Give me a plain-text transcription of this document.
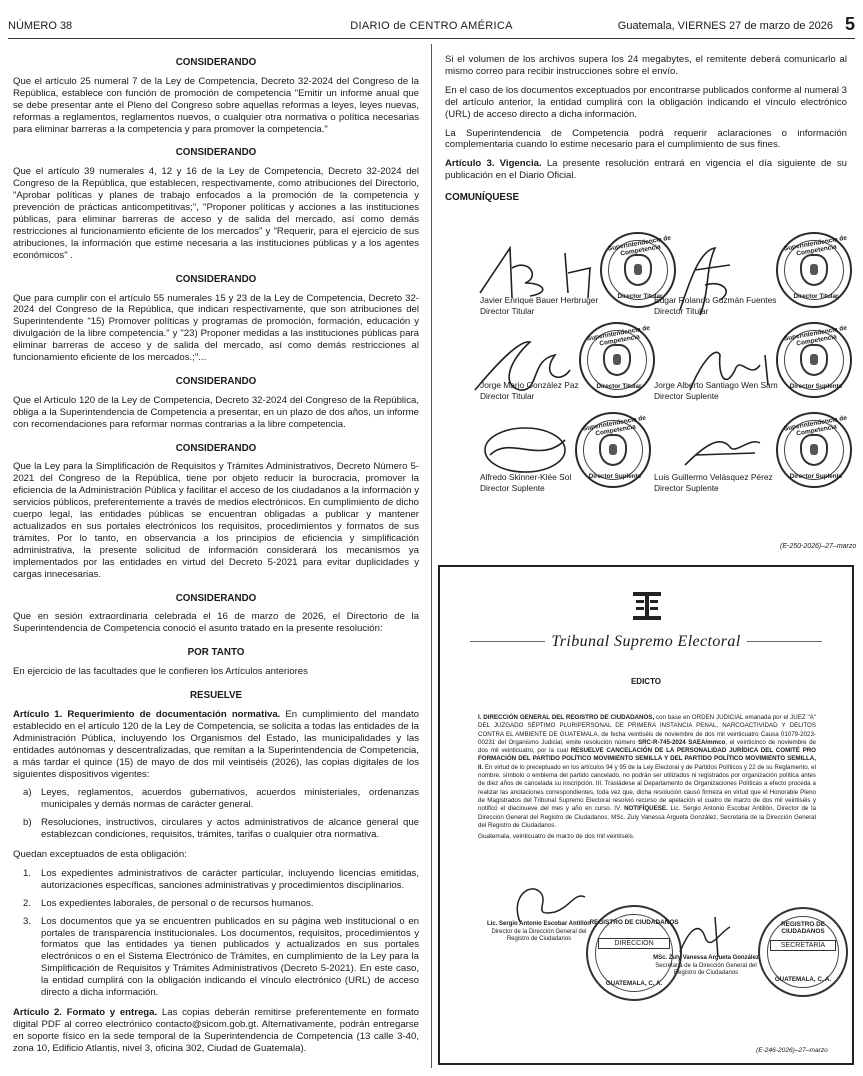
NÚMERO 38	DIARIO de CENTRO AMÉRICA	Guatemala, VIERNES 27 de marzo de 2026 5
CONSIDERANDO

Que el artículo 25 numeral 7 de la Ley de Competencia, Decreto 32-2024 del Congreso de la República, establece con función de promoción de competencia "Emitir un informe anual que se debe presentar ante el Pleno del Congreso sobre aquellas reformas a leyes, leyes nuevas, reformas a reglamentos, reglamentos nuevos, o cualquier otra normativa o política necesarias para eliminar barreras a la competencia y para promover la competencia."

CONSIDERANDO

Que el artículo 39 numerales 4, 12 y 16 de la Ley de Competencia, Decreto 32-2024 del Congreso de la República, que establecen, respectivamente, como atribuciones del Directorio, "Aprobar políticas y planes de trabajo enfocados a la promoción de la competencia y prevención de prácticas anticompetitivas;", "Proponer políticas y acciones a las instituciones públicas, para eliminar barreras de acceso y de salida del mercado, así como demás restricciones al funcionamiento eficiente de los mercados" y "Requerir, para el ejercicio de sus atribuciones, la información que estime necesaria a las instituciones públicas y a los agentes económicos" .

CONSIDERANDO

Que para cumplir con el artículo 55 numerales 15 y 23 de la Ley de Competencia, Decreto 32-2024 del Congreso de la República, que indican respectivamente, que son atribuciones del Superintendente "15) Promover políticas y programas de promoción, formación, educación y divulgación de la libre competencia." y "23) Proponer medidas a las instituciones públicas para eliminar barreras de acceso y de salida del mercado, así como demás restricciones al funcionamiento eficiente de los mercados.;"...

CONSIDERANDO

Que el Artículo 120 de la Ley de Competencia, Decreto 32-2024 del Congreso de la República, obliga a la Superintendencia de Competencia a presentar, en un plazo de dos años, un informe con recomendaciones para reformar normas contrarias a la libre competencia.

CONSIDERANDO

Que la Ley para la Simplificación de Requisitos y Trámites Administrativos, Decreto Número 5-2021 del Congreso de la República, tiene por objeto reducir la burocracia, promover la eficiencia de la Administración Pública y facilitar el acceso de los ciudadanos a la información y servicios públicos, preferentemente a través de medios electrónicos. En cumplimiento de dicho cuerpo legal, las entidades públicas se encuentran obligadas a publicar y mantener actualizados en sus portales electrónicos los requisitos, procedimientos y formatos de sus trámites. Por lo tanto, en observancia a los principios de eficiencia y simplificación administrativa, la presente solicitud de información considerará los mecanismos ya implementados por las entidades en virtud del Decreto 5-2021 para evitar duplicidades y cargas innecesarias.

CONSIDERANDO

Que en sesión extraordinaria celebrada el 16 de marzo de 2026, el Directorio de la Superintendencia de Competencia conoció el asunto tratado en la presente resolución:

POR TANTO

En ejercicio de las facultades que le confieren los Artículos anteriores

RESUELVE

Artículo 1. Requerimiento de documentación normativa. En cumplimiento del mandato establecido en el artículo 120 de la Ley de Competencia, se solicita a todas las entidades de la Administración Pública, incluyendo los Organismos del Estado, las municipalidades y las entidades autónomas y descentralizadas, que remitan a la Superintendencia de Competencia, a más tardar el quince (15) de mayo de dos mil veintiséis (2026), las copias digitales de los siguientes dispositivos vigentes:

a) Leyes, reglamentos, acuerdos gubernativos, acuerdos ministeriales, ordenanzas municipales y demás normas de carácter general.
b) Resoluciones, instructivos, circulares y actos administrativos de alcance general que establezcan condiciones, requisitos, trámites, tarifas o cualquier otra normativa.

Quedan exceptuados de esta obligación:

1.	Los expedientes administrativos de carácter particular, incluyendo licencias emitidas, autorizaciones específicas, sanciones administrativas y procedimientos disciplinarios.
2.	Los expedientes laborales, de personal o de recursos humanos.
3.	Los documentos que ya se encuentren publicados en su página web institucional o en portales de transparencia institucionales. Los documentos, requisitos, procedimientos y formatos que las entidades ya tienen publicados y actualizados en sus portales electrónicos o en el Sistema Electrónico de Trámites, en cumplimiento de la Ley para la Simplificación de Requisitos y Trámites Administrativos (Decreto 5-2021). En este caso, la entidad cumplirá con la obligación indicando el vínculo electrónico (URL) de acceso directo a dicha información.

Artículo 2. Formato y entrega. Las copias deberán remitirse preferentemente en formato digital PDF al correo electrónico contacto@sicom.gob.gt. Alternativamente, podrán entregarse en soporte físico en la sede temporal de la Superintendencia de Competencia (13 calle 3-40, zona 10, Edificio Atlantis, nivel 3, oficina 302, Ciudad de Guatemala).

Si el volumen de los archivos supera los 24 megabytes, el remitente deberá comunicarlo al mismo correo para recibir instrucciones sobre el envío.

En el caso de los documentos exceptuados por encontrarse publicados conforme al numeral 3 del artículo anterior, la entidad cumplirá con la obligación indicando el vínculo electrónico (URL) de acceso directo a dicha información.

La Superintendencia de Competencia podrá requerir aclaraciones o información complementaria cuando lo estime necesario para el cumplimiento de sus fines.

Artículo 3. Vigencia. La presente resolución entrará en vigencia el día siguiente de su publicación en el Diario Oficial.

COMUNÍQUESE
Superintendencia de Competencia
Director Titular
Superintendencia de Competencia
Director Titular
Javier Enrique Bauer Herbruger
Director Titular
Edgar Rolando Guzmán Fuentes
Director Titular
Superintendencia de Competencia
Director Titular
Superintendencia de Competencia
Director Suplente
Jorge Mario González Paz
Director Titular
Jorge Alberto Santiago Wen Sam
Director Suplente
Superintendencia de Competencia
Director Suplente
Superintendencia de Competencia
Director Suplente
Alfredo Skinner-Klée Sol
Director Suplente
Luis Guillermo Velásquez Pérez
Director Suplente
(E-250-2026)–27–marzo
Tribunal Supremo Electoral
EDICTO
I. DIRECCIÓN GENERAL DEL REGISTRO DE CIUDADANOS, con base en ORDEN JUDICIAL emanada por el JUEZ "A" DEL JUZGADO SÉPTIMO PLURIPERSONAL DE PRIMERA INSTANCIA PENAL, NARCOACTIVIDAD Y DELITOS CONTRA EL AMBIENTE DE GUATEMALA, de fecha veintiséis de noviembre de dos mil veinticuatro Causa 01079-2023-00231 del Organismo Judicial, emite resolución número SRC-R-745-2024 SAEA/mmco, el veinticinco de noviembre de dos mil veinticuatro, por la cual RESUELVE CANCELACIÓN DE LA PERSONALIDAD JURÍDICA DEL COMITÉ PRO FORMACIÓN DEL PARTIDO POLÍTICO MOVIMIENTO SEMILLA Y DEL PARTIDO POLÍTICO MOVIMIENTO SEMILLA, II. En virtud de lo preceptuado en los artículos 94 y 95 de la Ley Electoral y de Partidos Políticos y 22 de su Reglamento, el nombre, símbolo o emblema del partido cancelado, no podrán ser utilizados ni registrados por organización política antes de diez años de cancelada su inscripción. III. Trasládese al Departamento de Organizaciones Políticas a efecto proceda a realizar las anotaciones correspondientes, toda vez que, dicha resolución causó firmeza en virtud que el Honorable Pleno de Magistrados del Tribunal Supremo Electoral resolvió recurso de apelación el cuatro de marzo de dos mil veintiséis y notificó el diecinueve del mes y año en curso. IV. NOTIFÍQUESE. Lic. Sergio Antonio Escobar Antillón, Director de la Dirección General del Registro de Ciudadanos. MSc. Zuly Vanessa Argueta González, Secretaria de la Dirección General del Registro de Ciudadanos.
Guatemala, veinticuatro de marzo de dos mil veintiséis.
Lic. Sergio Antonio Escobar Antillón
Director de la Dirección General del Registro de Ciudadanos
REGISTRO DE CIUDADANOS
DIRECCIÓN
GUATEMALA, C. A.
MSc. Zuly Vanessa Argueta González
Secretaria de la Dirección General del Registro de Ciudadanos
REGISTRO DE CIUDADANOS
SECRETARÍA
GUATEMALA, C. A.
(E-246-2026)–27–marzo
